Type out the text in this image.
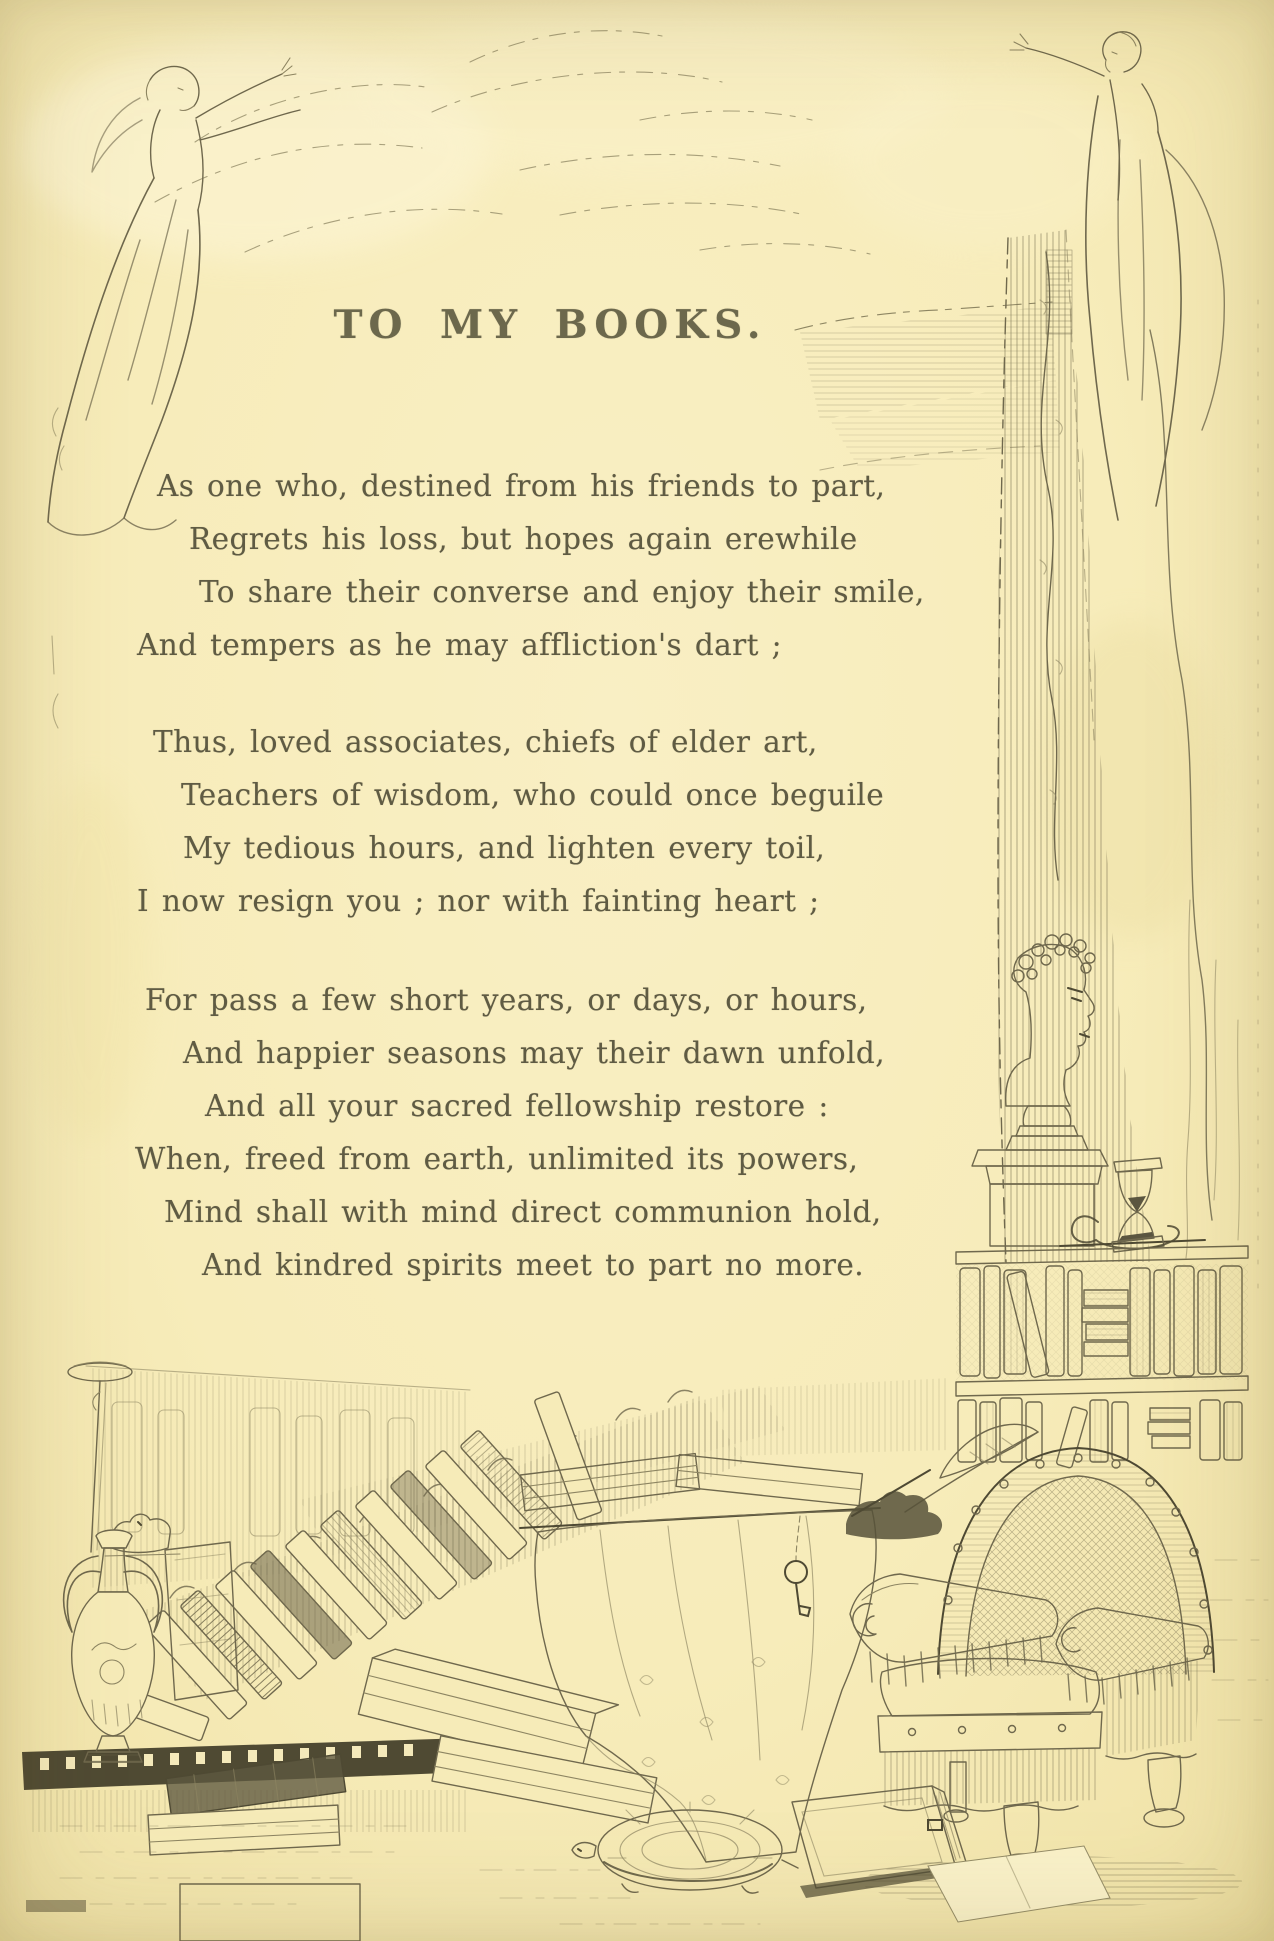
TO MY BOOKS.
As one who, destined from his friends to part,
Regrets his loss, but hopes again erewhile
To share their converse and enjoy their smile,
And tempers as he may affliction's dart ;
Thus, loved associates, chiefs of elder art,
Teachers of wisdom, who could once beguile
My tedious hours, and lighten every toil,
I now resign you ; nor with fainting heart ;
For pass a few short years, or days, or hours,
And happier seasons may their dawn unfold,
And all your sacred fellowship restore :
When, freed from earth, unlimited its powers,
Mind shall with mind direct communion hold,
And kindred spirits meet to part no more.
